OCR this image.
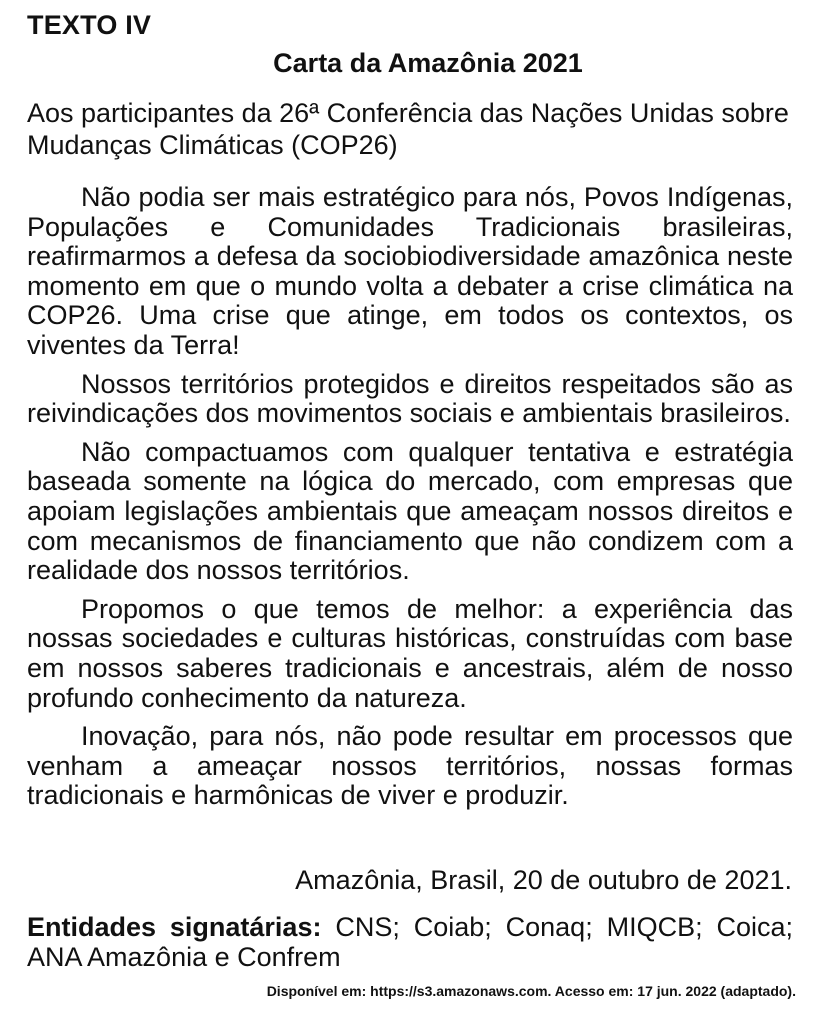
TEXTO IV
Carta da Amazônia 2021

Aos participantes da 26ª Conferência das Nações Unidas sobre Mudanças Climáticas (COP26)

Não podia ser mais estratégico para nós, Povos Indígenas, Populações e Comunidades Tradicionais brasileiras, reafirmarmos a defesa da sociobiodiversidade amazônica neste momento em que o mundo volta a debater a crise climática na COP26. Uma crise que atinge, em todos os contextos, os viventes da Terra!

Nossos territórios protegidos e direitos respeitados são as reivindicações dos movimentos sociais e ambientais brasileiros.

Não compactuamos com qualquer tentativa e estratégia baseada somente na lógica do mercado, com empresas que apoiam legislações ambientais que ameaçam nossos direitos e com mecanismos de financiamento que não condizem com a realidade dos nossos territórios.

Propomos o que temos de melhor: a experiência das nossas sociedades e culturas históricas, construídas com base em nossos saberes tradicionais e ancestrais, além de nosso profundo conhecimento da natureza.

Inovação, para nós, não pode resultar em processos que venham a ameaçar nossos territórios, nossas formas tradicionais e harmônicas de viver e produzir.

Amazônia, Brasil, 20 de outubro de 2021.

Entidades signatárias: CNS; Coiab; Conaq; MIQCB; Coica; ANA Amazônia e Confrem

Disponível em: https://s3.amazonaws.com. Acesso em: 17 jun. 2022 (adaptado).
